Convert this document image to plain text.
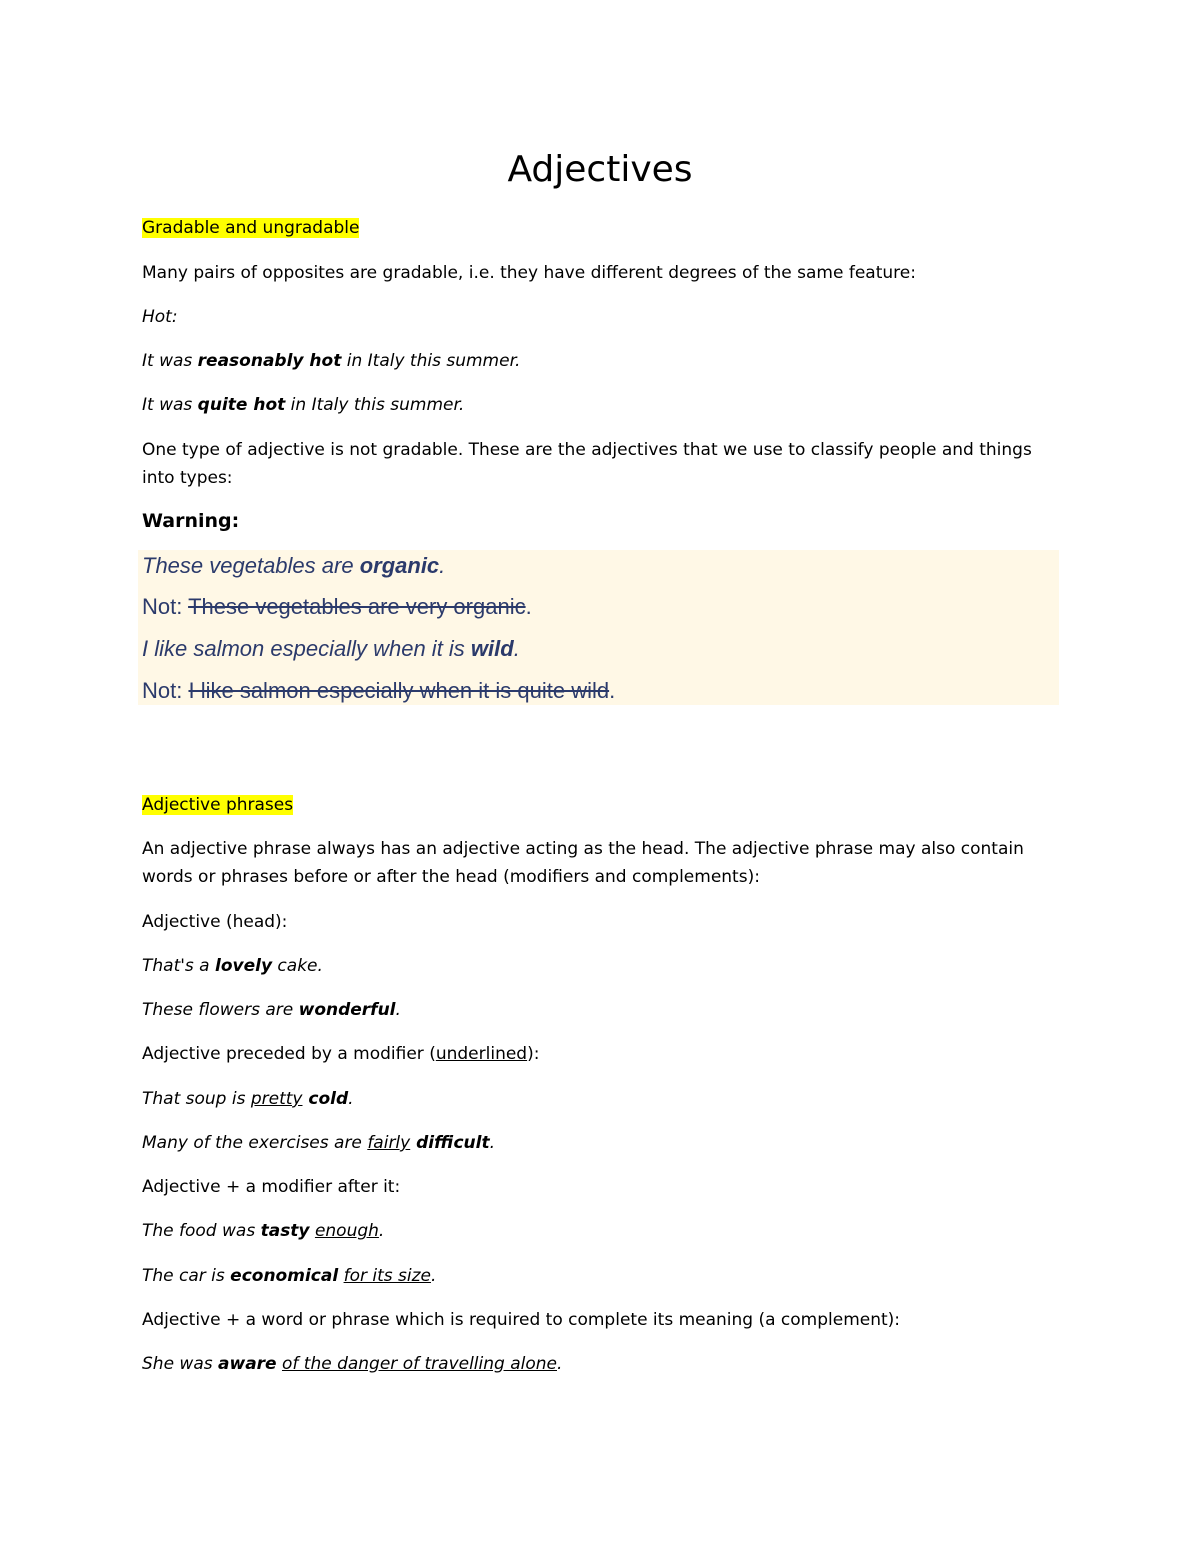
Adjectives
Gradable and ungradable
Many pairs of opposites are gradable, i.e. they have different degrees of the same feature:
Hot:
It was reasonably hot in Italy this summer.
It was quite hot in Italy this summer.
One type of adjective is not gradable. These are the adjectives that we use to classify people and things
into types:
Warning:
These vegetables are organic.
Not: These vegetables are very organic.
I like salmon especially when it is wild.
Not: I like salmon especially when it is quite wild.
Adjective phrases
An adjective phrase always has an adjective acting as the head. The adjective phrase may also contain
words or phrases before or after the head (modifiers and complements):
Adjective (head):
That's a lovely cake.
These flowers are wonderful.
Adjective preceded by a modifier (underlined):
That soup is pretty cold.
Many of the exercises are fairly difficult.
Adjective + a modifier after it:
The food was tasty enough.
The car is economical for its size.
Adjective + a word or phrase which is required to complete its meaning (a complement):
She was aware of the danger of travelling alone.
